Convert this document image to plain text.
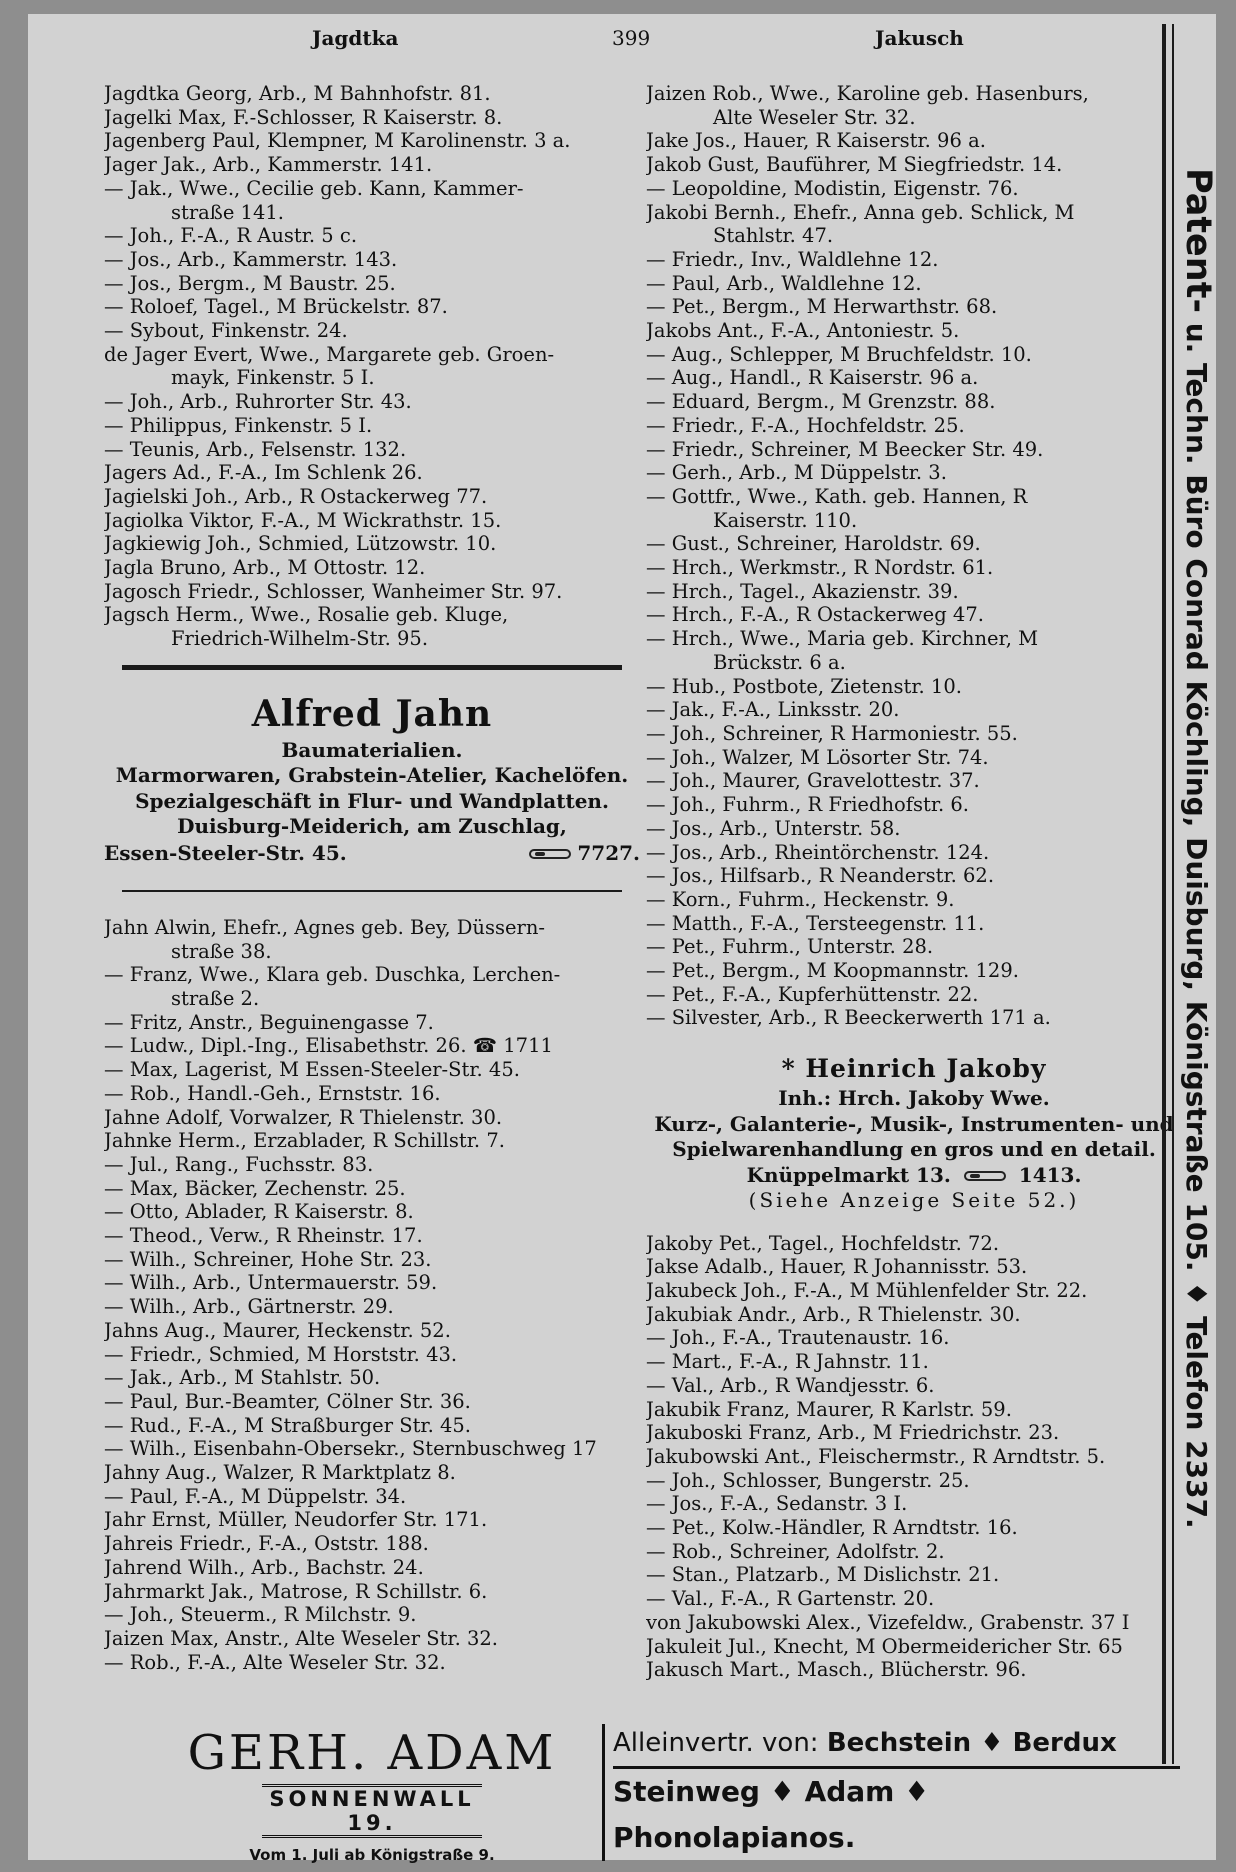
Jagdtka	399	Jakusch
Jagdtka Georg, Arb., M Bahnhofstr. 81.
Jagelki Max, F.-Schlosser, R Kaiserstr. 8.
Jagenberg Paul, Klempner, M Karolinenstr. 3 a.
Jager Jak., Arb., Kammerstr. 141.
— Jak., Wwe., Cecilie geb. Kann, Kammer-
straße 141.
— Joh., F.-A., R Austr. 5 c.
— Jos., Arb., Kammerstr. 143.
— Jos., Bergm., M Baustr. 25.
— Roloef, Tagel., M Brückelstr. 87.
— Sybout, Finkenstr. 24.
de Jager Evert, Wwe., Margarete geb. Groen-
mayk, Finkenstr. 5 I.
— Joh., Arb., Ruhrorter Str. 43.
— Philippus, Finkenstr. 5 I.
— Teunis, Arb., Felsenstr. 132.
Jagers Ad., F.-A., Im Schlenk 26.
Jagielski Joh., Arb., R Ostackerweg 77.
Jagiolka Viktor, F.-A., M Wickrathstr. 15.
Jagkiewig Joh., Schmied, Lützowstr. 10.
Jagla Bruno, Arb., M Ottostr. 12.
Jagosch Friedr., Schlosser, Wanheimer Str. 97.
Jagsch Herm., Wwe., Rosalie geb. Kluge,
Friedrich-Wilhelm-Str. 95.
Alfred Jahn
Baumaterialien.
Marmorwaren, Grabstein-Atelier, Kachelöfen.
Spezialgeschäft in Flur- und Wandplatten.
Duisburg-Meiderich, am Zuschlag,
Essen-Steeler-Str. 45.	7727.
Jahn Alwin, Ehefr., Agnes geb. Bey, Düssern-
straße 38.
— Franz, Wwe., Klara geb. Duschka, Lerchen-
straße 2.
— Fritz, Anstr., Beguinengasse 7.
— Ludw., Dipl.-Ing., Elisabethstr. 26. ☎ 1711
— Max, Lagerist, M Essen-Steeler-Str. 45.
— Rob., Handl.-Geh., Ernststr. 16.
Jahne Adolf, Vorwalzer, R Thielenstr. 30.
Jahnke Herm., Erzablader, R Schillstr. 7.
— Jul., Rang., Fuchsstr. 83.
— Max, Bäcker, Zechenstr. 25.
— Otto, Ablader, R Kaiserstr. 8.
— Theod., Verw., R Rheinstr. 17.
— Wilh., Schreiner, Hohe Str. 23.
— Wilh., Arb., Untermauerstr. 59.
— Wilh., Arb., Gärtnerstr. 29.
Jahns Aug., Maurer, Heckenstr. 52.
— Friedr., Schmied, M Horststr. 43.
— Jak., Arb., M Stahlstr. 50.
— Paul, Bur.-Beamter, Cölner Str. 36.
— Rud., F.-A., M Straßburger Str. 45.
— Wilh., Eisenbahn-Obersekr., Sternbuschweg 17
Jahny Aug., Walzer, R Marktplatz 8.
— Paul, F.-A., M Düppelstr. 34.
Jahr Ernst, Müller, Neudorfer Str. 171.
Jahreis Friedr., F.-A., Oststr. 188.
Jahrend Wilh., Arb., Bachstr. 24.
Jahrmarkt Jak., Matrose, R Schillstr. 6.
— Joh., Steuerm., R Milchstr. 9.
Jaizen Max, Anstr., Alte Weseler Str. 32.
— Rob., F.-A., Alte Weseler Str. 32.
Jaizen Rob., Wwe., Karoline geb. Hasenburs,
Alte Weseler Str. 32.
Jake Jos., Hauer, R Kaiserstr. 96 a.
Jakob Gust, Bauführer, M Siegfriedstr. 14.
— Leopoldine, Modistin, Eigenstr. 76.
Jakobi Bernh., Ehefr., Anna geb. Schlick, M
Stahlstr. 47.
— Friedr., Inv., Waldlehne 12.
— Paul, Arb., Waldlehne 12.
— Pet., Bergm., M Herwarthstr. 68.
Jakobs Ant., F.-A., Antoniestr. 5.
— Aug., Schlepper, M Bruchfeldstr. 10.
— Aug., Handl., R Kaiserstr. 96 a.
— Eduard, Bergm., M Grenzstr. 88.
— Friedr., F.-A., Hochfeldstr. 25.
— Friedr., Schreiner, M Beecker Str. 49.
— Gerh., Arb., M Düppelstr. 3.
— Gottfr., Wwe., Kath. geb. Hannen, R
Kaiserstr. 110.
— Gust., Schreiner, Haroldstr. 69.
— Hrch., Werkmstr., R Nordstr. 61.
— Hrch., Tagel., Akazienstr. 39.
— Hrch., F.-A., R Ostackerweg 47.
— Hrch., Wwe., Maria geb. Kirchner, M
Brückstr. 6 a.
— Hub., Postbote, Zietenstr. 10.
— Jak., F.-A., Linksstr. 20.
— Joh., Schreiner, R Harmoniestr. 55.
— Joh., Walzer, M Lösorter Str. 74.
— Joh., Maurer, Gravelottestr. 37.
— Joh., Fuhrm., R Friedhofstr. 6.
— Jos., Arb., Unterstr. 58.
— Jos., Arb., Rheintörchenstr. 124.
— Jos., Hilfsarb., R Neanderstr. 62.
— Korn., Fuhrm., Heckenstr. 9.
— Matth., F.-A., Tersteegenstr. 11.
— Pet., Fuhrm., Unterstr. 28.
— Pet., Bergm., M Koopmannstr. 129.
— Pet., F.-A., Kupferhüttenstr. 22.
— Silvester, Arb., R Beeckerwerth 171 a.
* Heinrich Jakoby
Inh.: Hrch. Jakoby Wwe.
Kurz-, Galanterie-, Musik-, Instrumenten- und
Spielwarenhandlung en gros und en detail.
Knüppelmarkt 13.	1413.
(Siehe Anzeige Seite 52.)
Jakoby Pet., Tagel., Hochfeldstr. 72.
Jakse Adalb., Hauer, R Johannisstr. 53.
Jakubeck Joh., F.-A., M Mühlenfelder Str. 22.
Jakubiak Andr., Arb., R Thielenstr. 30.
— Joh., F.-A., Trautenaustr. 16.
— Mart., F.-A., R Jahnstr. 11.
— Val., Arb., R Wandjesstr. 6.
Jakubik Franz, Maurer, R Karlstr. 59.
Jakuboski Franz, Arb., M Friedrichstr. 23.
Jakubowski Ant., Fleischermstr., R Arndtstr. 5.
— Joh., Schlosser, Bungerstr. 25.
— Jos., F.-A., Sedanstr. 3 I.
— Pet., Kolw.-Händler, R Arndtstr. 16.
— Rob., Schreiner, Adolfstr. 2.
— Stan., Platzarb., M Dislichstr. 21.
— Val., F.-A., R Gartenstr. 20.
von Jakubowski Alex., Vizefeldw., Grabenstr. 37 I
Jakuleit Jul., Knecht, M Obermeidericher Str. 65
Jakusch Mart., Masch., Blücherstr. 96.
Patent- u. Techn. Büro Conrad Köchling, Duisburg, Königstraße 105. ♦ Telefon 2337.
GERH. ADAM
SONNENWALL 19.
Vom 1. Juli ab Königstraße 9.
Alleinvertr. von: Bechstein ♦ Berdux
Steinweg ♦ Adam ♦ Phonolapianos.
